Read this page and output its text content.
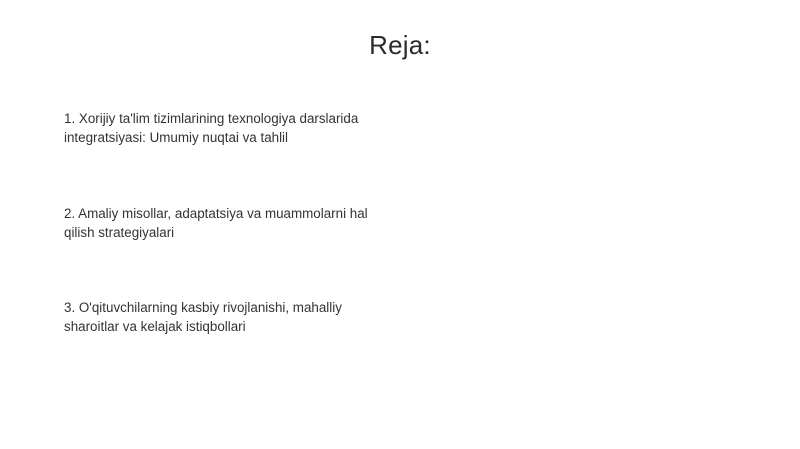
Reja:
1. Xorijiy ta'lim tizimlarining texnologiya darslarida integratsiyasi: Umumiy nuqtai va tahlil
2. Amaliy misollar, adaptatsiya va muammolarni hal qilish strategiyalari
3. O'qituvchilarning kasbiy rivojlanishi, mahalliy sharoitlar va kelajak istiqbollari
